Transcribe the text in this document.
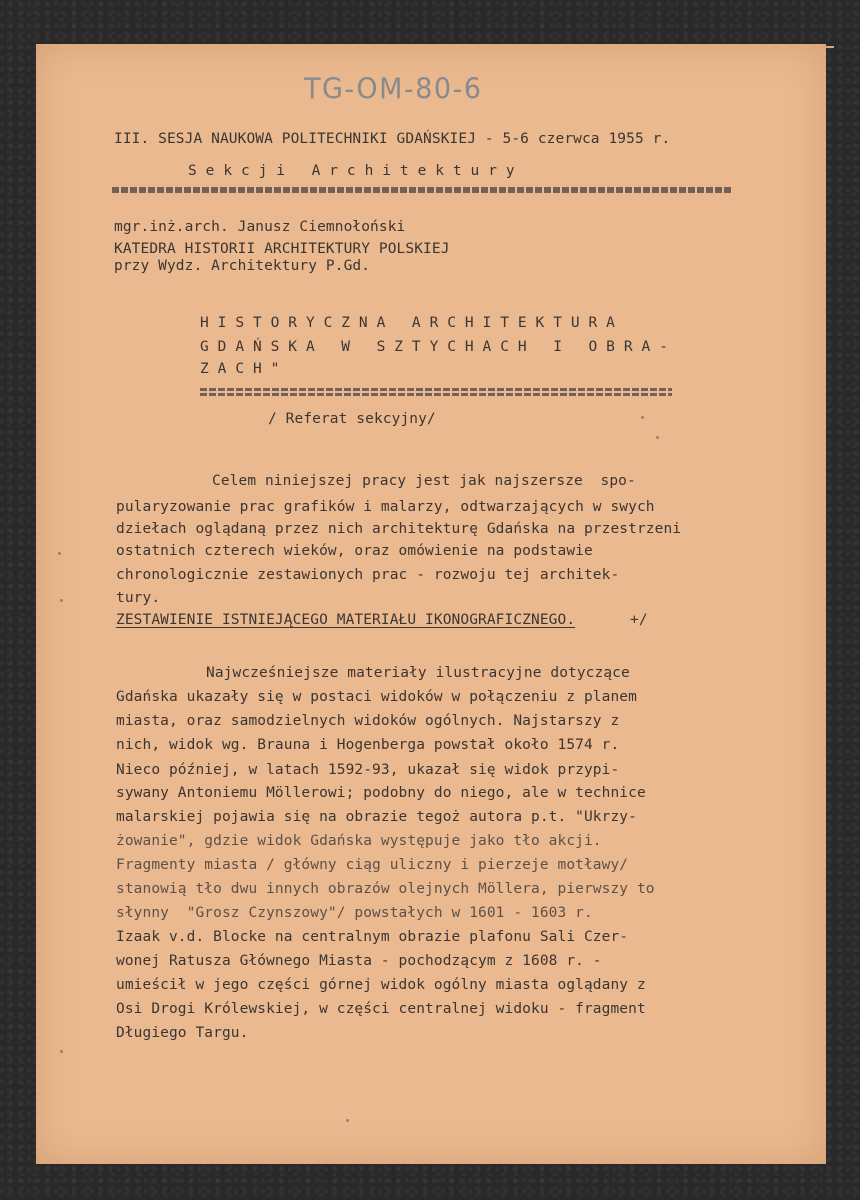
TG-OM-80-6
III. SESJA NAUKOWA POLITECHNIKI GDAŃSKIEJ - 5-6 czerwca 1955 r.
S e k c j i   A r c h i t e k t u r y
mgr.inż.arch. Janusz Ciemnołoński
KATEDRA HISTORII ARCHITEKTURY POLSKIEJ
przy Wydz. Architektury P.Gd.
H I S T O R Y C Z N A   A R C H I T E K T U R A
G D A Ń S K A   W   S Z T Y C H A C H   I   O B R A -
Z A C H "
/ Referat sekcyjny/
Celem niniejszej pracy jest jak najszersze  spo-
pularyzowanie prac grafików i malarzy, odtwarzających w swych
dziełach oglądaną przez nich architekturę Gdańska na przestrzeni
ostatnich czterech wieków, oraz omówienie na podstawie
chronologicznie zestawionych prac - rozwoju tej architek-
tury.
ZESTAWIENIE ISTNIEJĄCEGO MATERIAŁU IKONOGRAFICZNEGO.	+/
Najwcześniejsze materiały ilustracyjne dotyczące
Gdańska ukazały się w postaci widoków w połączeniu z planem
miasta, oraz samodzielnych widoków ogólnych. Najstarszy z
nich, widok wg. Brauna i Hogenberga powstał około 1574 r.
Nieco później, w latach 1592-93, ukazał się widok przypi-
sywany Antoniemu Möllerowi; podobny do niego, ale w technice
malarskiej pojawia się na obrazie tegoż autora p.t. "Ukrzy-
żowanie", gdzie widok Gdańska występuje jako tło akcji.
Fragmenty miasta / główny ciąg uliczny i pierzeje motławy/
stanowią tło dwu innych obrazów olejnych Möllera, pierwszy to
słynny  "Grosz Czynszowy"/ powstałych w 1601 - 1603 r.
Izaak v.d. Blocke na centralnym obrazie plafonu Sali Czer-
wonej Ratusza Głównego Miasta - pochodzącym z 1608 r. -
umieścił w jego części górnej widok ogólny miasta oglądany z
Osi Drogi Królewskiej, w części centralnej widoku - fragment
Długiego Targu.
